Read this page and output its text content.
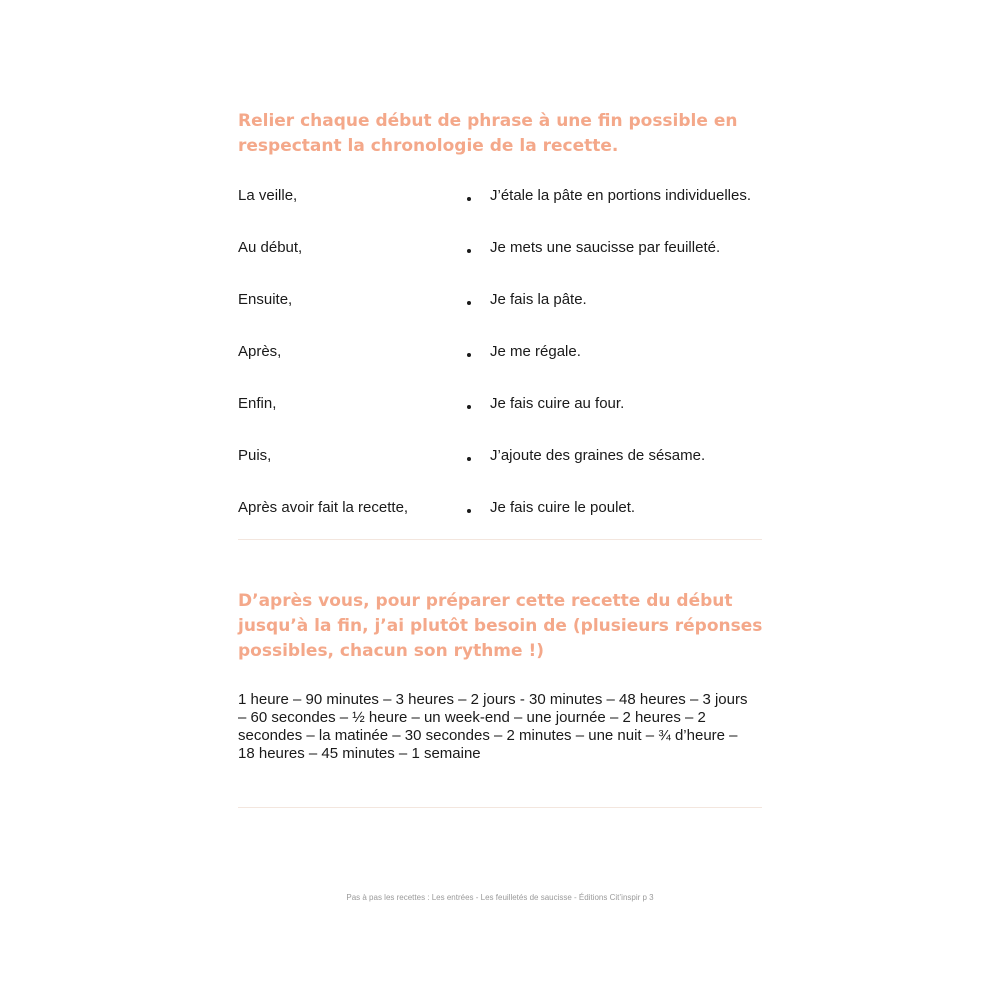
Relier chaque début de phrase à une fin possible en respectant la chronologie de la recette.

La veille,	J’étale la pâte en portions individuelles.
Au début,	Je mets une saucisse par feuilleté.
Ensuite,	Je fais la pâte.
Après,	Je me régale.
Enfin,	Je fais cuire au four.
Puis,	J’ajoute des graines de sésame.
Après avoir fait la recette,	Je fais cuire le poulet.

D’après vous, pour préparer cette recette du début jusqu’à la fin, j’ai plutôt besoin de (plusieurs réponses possibles, chacun son rythme !)

1 heure – 90 minutes – 3 heures – 2 jours - 30 minutes – 48 heures – 3 jours – 60 secondes – ½ heure – un week-end – une journée – 2 heures – 2 secondes – la matinée – 30 secondes – 2 minutes – une nuit – ¾ d’heure – 18 heures – 45 minutes – 1 semaine

Pas à pas les recettes : Les entrées - Les feuilletés de saucisse - Éditions Cit’inspir p 3
